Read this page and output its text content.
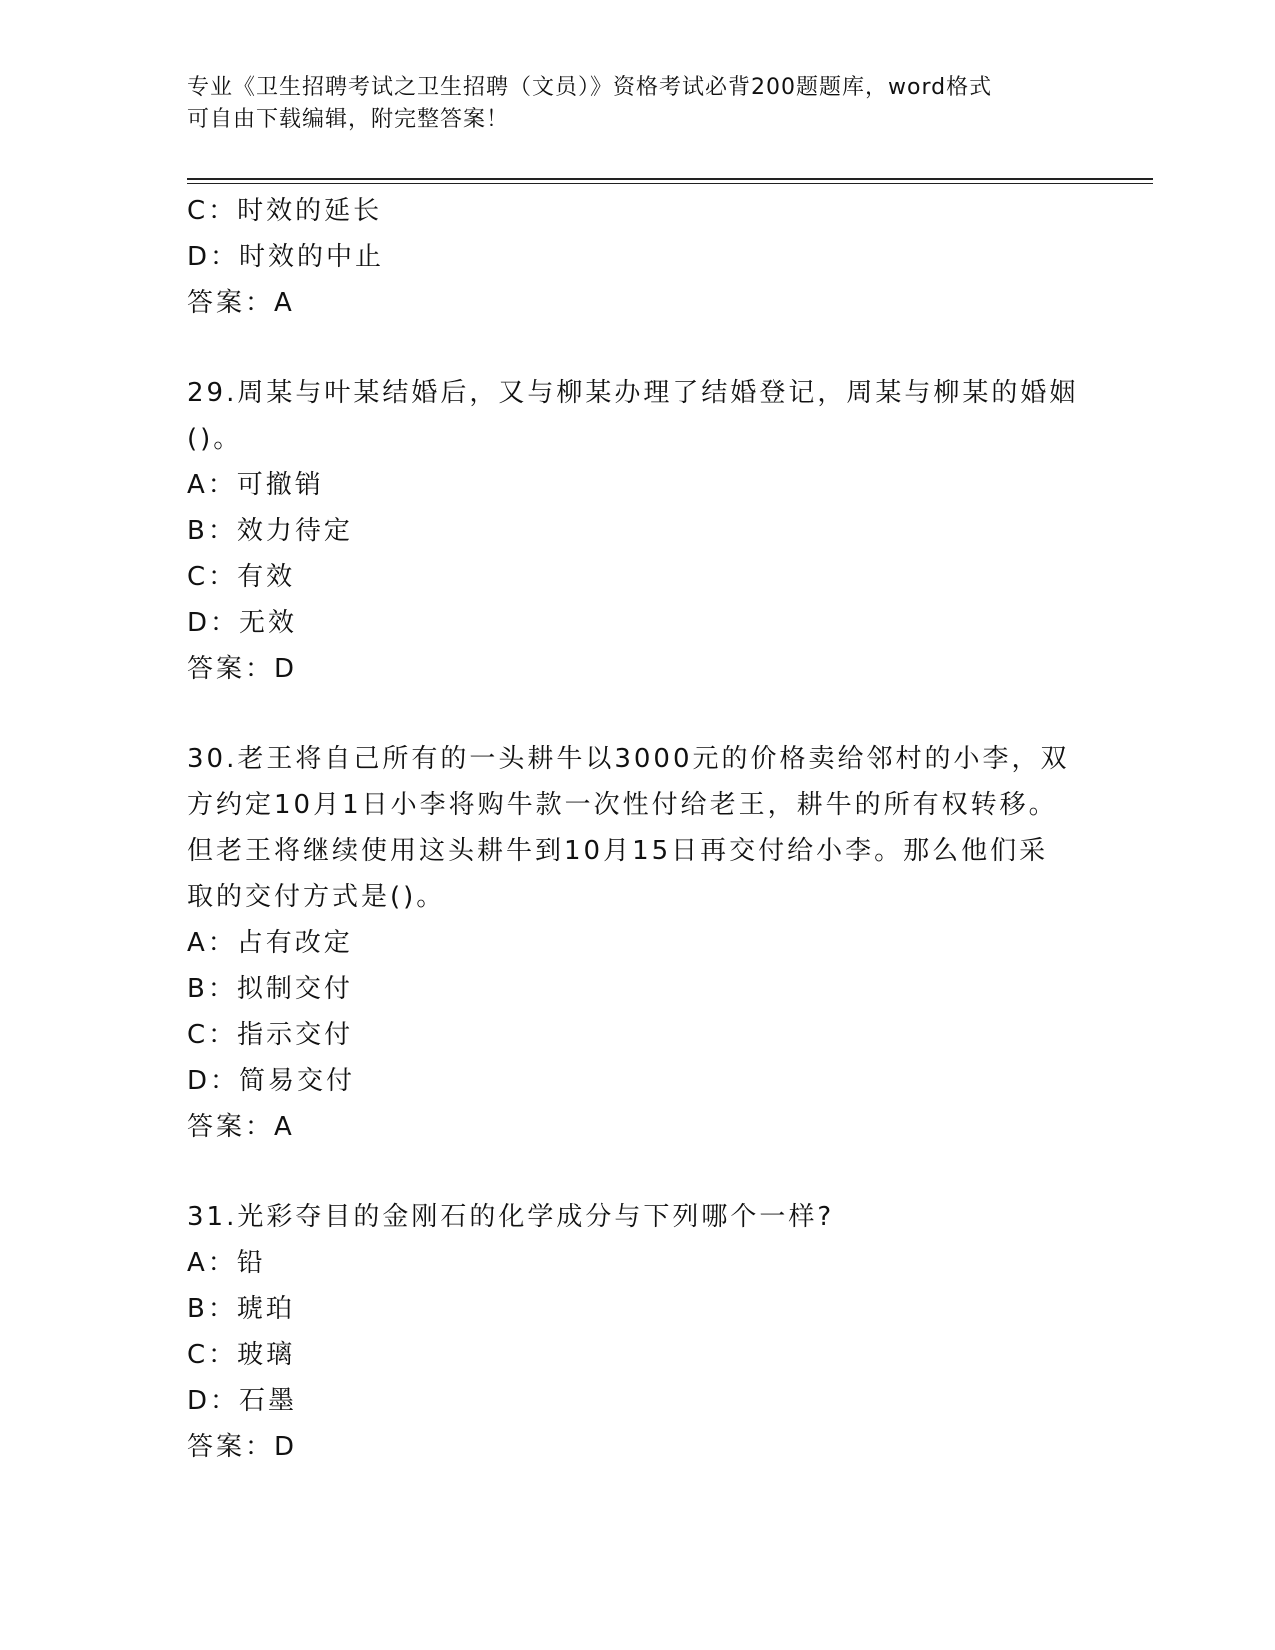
专业《卫生招聘考试之卫生招聘（文员）》资格考试必背200题题库，word格式
可自由下载编辑，附完整答案！
C：时效的延长
D：时效的中止
答案：A
29.周某与叶某结婚后，又与柳某办理了结婚登记，周某与柳某的婚姻
()。
A：可撤销
B：效力待定
C：有效
D：无效
答案：D
30.老王将自己所有的一头耕牛以3000元的价格卖给邻村的小李，双
方约定10月1日小李将购牛款一次性付给老王，耕牛的所有权转移。
但老王将继续使用这头耕牛到10月15日再交付给小李。那么他们采
取的交付方式是()。
A：占有改定
B：拟制交付
C：指示交付
D：简易交付
答案：A
31.光彩夺目的金刚石的化学成分与下列哪个一样?
A：铅
B：琥珀
C：玻璃
D：石墨
答案：D
